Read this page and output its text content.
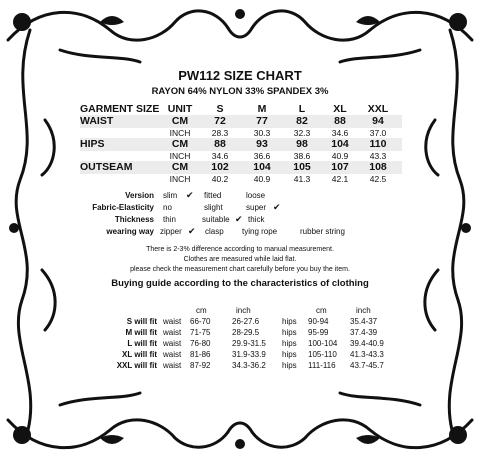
PW112 SIZE CHART
RAYON 64% NYLON 33% SPANDEX 3%
GARMENT SIZE UNIT	S	M	L	XL	XXL
WAIST	CM	72	77	82	88	94
INCH	28.3	30.3	32.3	34.6	37.0
HIPS	CM	88	93	98	104	110
INCH	34.6	36.6	38.6	40.9	43.3
OUTSEAM	CM	102	104	105	107	108
INCH	40.2	40.9	41.3	42.1	42.5
Version slim ✔ fitted	loose
Fabric-Elasticity no	slight	super ✔
Thickness thin	suitable ✔ thick
wearing way zipper ✔ clasp tying rope	rubber string
There is 2-3% difference according to manual measurement.
Clothes are measured while laid flat.
please check the measurement chart carefully before you buy the item.
Buying guide according to the characteristics of clothing
cm	inch	cm	inch
S will fit waist 66-70	26-27.6	hips 90-94	35.4-37
M will fit waist 71-75	28-29.5	hips 95-99	37.4-39
L will fit waist 76-80	29.9-31.5 hips 100-104 39.4-40.9
XL will fit waist 81-86	31.9-33.9 hips 105-110 41.3-43.3
XXL will fit waist 87-92	34.3-36.2 hips 111-116 43.7-45.7
